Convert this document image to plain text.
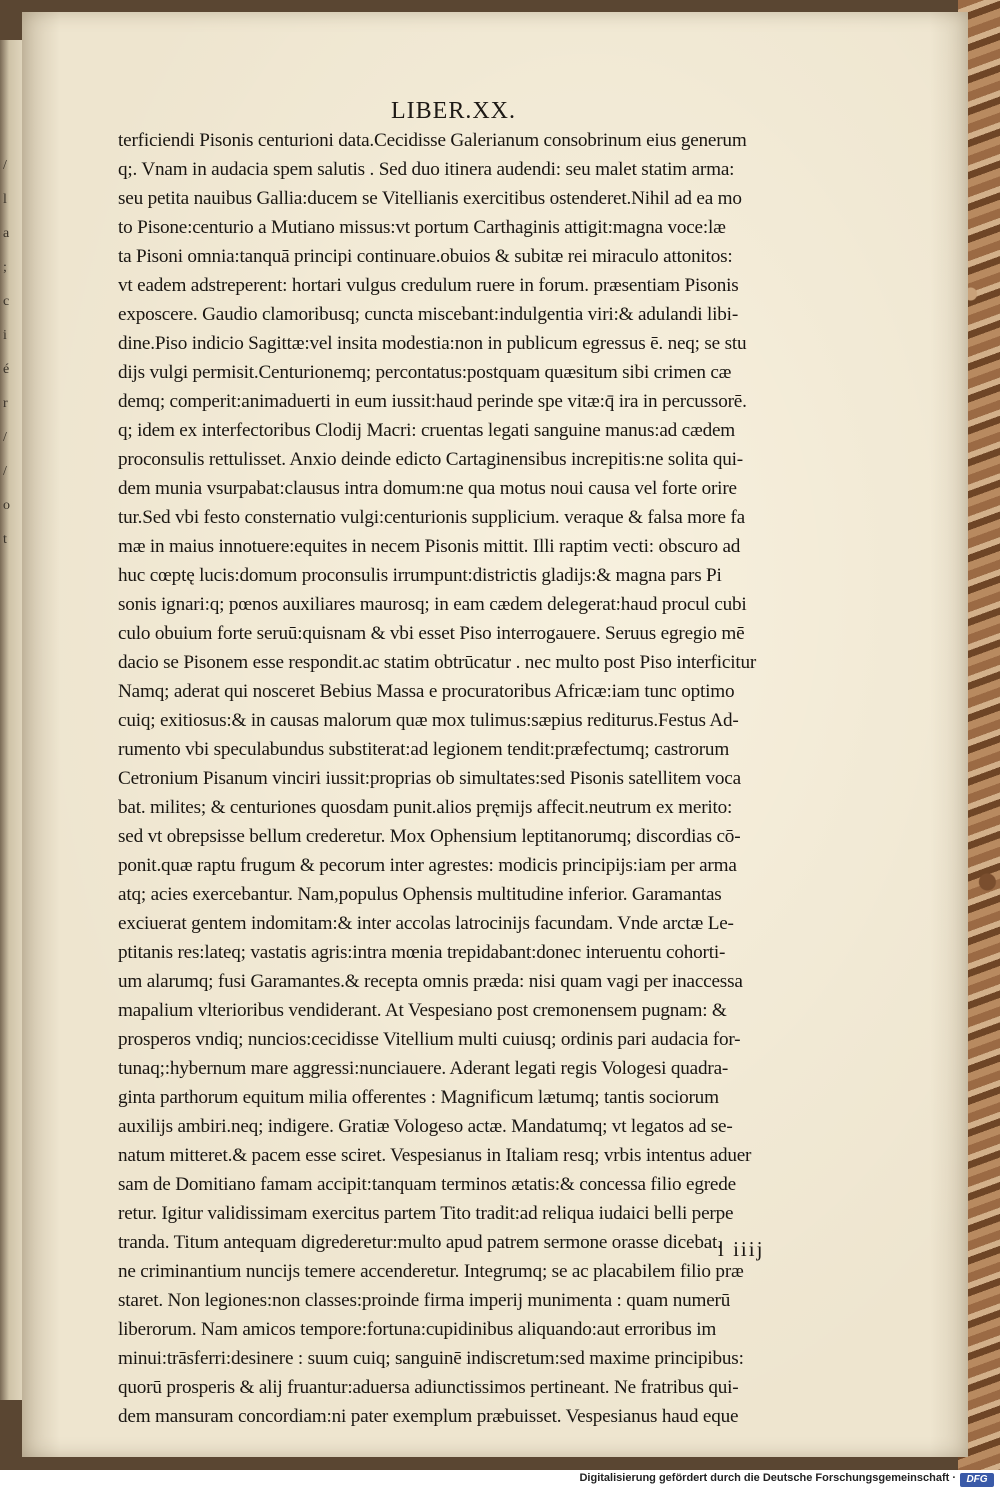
/
l
a
;
c
i
é
r
/
/
o
t
LIBER.XX.
terficiendi Pisonis centurioni data.Cecidisse Galerianum consobrinum eius generum
q;. Vnam in audacia spem salutis . Sed duo itinera audendi: seu malet statim arma:
seu petita nauibus Gallia:ducem se Vitellianis exercitibus ostenderet.Nihil ad ea mo
to Pisone:centurio a Mutiano missus:vt portum Carthaginis attigit:magna voce:læ
ta Pisoni omnia:tanquā principi continuare.obuios & subitæ rei miraculo attonitos:
vt eadem adstreperent: hortari vulgus credulum ruere in forum. præsentiam Pisonis
exposcere. Gaudio clamoribusq; cuncta miscebant:indulgentia viri:& adulandi libi-
dine.Piso indicio Sagittæ:vel insita modestia:non in publicum egressus ē. neq; se stu
dijs vulgi permisit.Centurionemq; percontatus:postquam quæsitum sibi crimen cæ
demq; comperit:animaduerti in eum iussit:haud perinde spe vitæ:q̄ ira in percussorē.
q; idem ex interfectoribus Clodij Macri: cruentas legati sanguine manus:ad cædem
proconsulis rettulisset. Anxio deinde edicto Cartaginensibus increpitis:ne solita qui-
dem munia vsurpabat:clausus intra domum:ne qua motus noui causa vel forte orire
tur.Sed vbi festo consternatio vulgi:centurionis supplicium. veraque & falsa more fa
mæ in maius innotuere:equites in necem Pisonis mittit. Illi raptim vecti: obscuro ad
huc cœptę lucis:domum proconsulis irrumpunt:districtis gladijs:& magna pars Pi
sonis ignari:q; pœnos auxiliares maurosq; in eam cædem delegerat:haud procul cubi
culo obuium forte seruū:quisnam & vbi esset Piso interrogauere. Seruus egregio mē
dacio se Pisonem esse respondit.ac statim obtrūcatur . nec multo post Piso interficitur
Namq; aderat qui nosceret Bebius Massa e procuratoribus Africæ:iam tunc optimo
cuiq; exitiosus:& in causas malorum quæ mox tulimus:sæpius rediturus.Festus Ad-
rumento vbi speculabundus substiterat:ad legionem tendit:præfectumq; castrorum
Cetronium Pisanum vinciri iussit:proprias ob simultates:sed Pisonis satellitem voca
bat. milites; & centuriones quosdam punit.alios pręmijs affecit.neutrum ex merito:
sed vt obrepsisse bellum crederetur. Mox Ophensium leptitanorumq; discordias cō-
ponit.quæ raptu frugum & pecorum inter agrestes: modicis principijs:iam per arma
atq; acies exercebantur. Nam,populus Ophensis multitudine inferior. Garamantas
exciuerat gentem indomitam:& inter accolas latrocinijs facundam. Vnde arctæ Le-
ptitanis res:lateq; vastatis agris:intra mœnia trepidabant:donec interuentu cohorti-
um alarumq; fusi Garamantes.& recepta omnis præda: nisi quam vagi per inaccessa
mapalium vlterioribus vendiderant. At Vespesiano post cremonensem pugnam: &
prosperos vndiq; nuncios:cecidisse Vitellium multi cuiusq; ordinis pari audacia for-
tunaq;:hybernum mare aggressi:nunciauere. Aderant legati regis Vologesi quadra-
ginta parthorum equitum milia offerentes : Magnificum lætumq; tantis sociorum
auxilijs ambiri.neq; indigere. Gratiæ Vologeso actæ. Mandatumq; vt legatos ad se-
natum mitteret.& pacem esse sciret. Vespesianus in Italiam resq; vrbis intentus aduer
sam de Domitiano famam accipit:tanquam terminos ætatis:& concessa filio egrede
retur. Igitur validissimam exercitus partem Tito tradit:ad reliqua iudaici belli perpe
tranda. Titum antequam digrederetur:multo apud patrem sermone orasse dicebat.
ne criminantium nuncijs temere accenderetur. Integrumq; se ac placabilem filio præ
staret. Non legiones:non classes:proinde firma imperij munimenta : quam numerū
liberorum. Nam amicos tempore:fortuna:cupidinibus aliquando:aut erroribus im
minui:trāsferri:desinere : suum cuiq; sanguinē indiscretum:sed maxime principibus:
quorū prosperis & alij fruantur:aduersa adiunctissimos pertineant. Ne fratribus qui-
dem mansuram concordiam:ni pater exemplum præbuisset. Vespesianus haud eque
l iiij
Digitalisierung gefördert durch die Deutsche Forschungsgemeinschaft ·	DFG
